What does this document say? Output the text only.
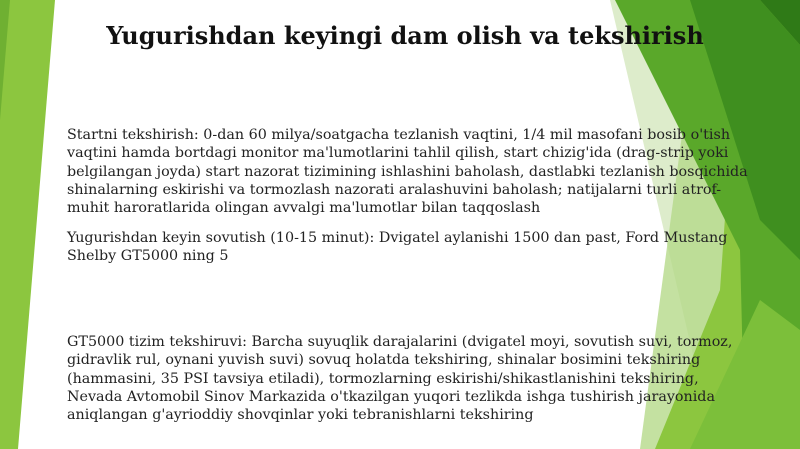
Yugurishdan keyingi dam olish va tekshirish

Startni tekshirish: 0-dan 60 milya/soatgacha tezlanish vaqtini, 1/4 mil masofani bosib o'tish vaqtini hamda bortdagi monitor ma'lumotlarini tahlil qilish, start chizig'ida (drag-strip yoki belgilangan joyda) start nazorat tizimining ishlashini baholash, dastlabki tezlanish bosqichida shinalarning eskirishi va tormozlash nazorati aralashuvini baholash; natijalarni turli atrof-muhit haroratlarida olingan avvalgi ma'lumotlar bilan taqqoslash

Yugurishdan keyin sovutish (10-15 minut): Dvigatel aylanishi 1500 dan past, Ford Mustang Shelby GT5000 ning 5

GT5000 tizim tekshiruvi: Barcha suyuqlik darajalarini (dvigatel moyi, sovutish suvi, tormoz, gidravlik rul, oynani yuvish suvi) sovuq holatda tekshiring, shinalar bosimini tekshiring (hammasini, 35 PSI tavsiya etiladi), tormozlarning eskirishi/shikastlanishini tekshiring, Nevada Avtomobil Sinov Markazida o'tkazilgan yuqori tezlikda ishga tushirish jarayonida aniqlangan g'ayrioddiy shovqinlar yoki tebranishlarni tekshiring
